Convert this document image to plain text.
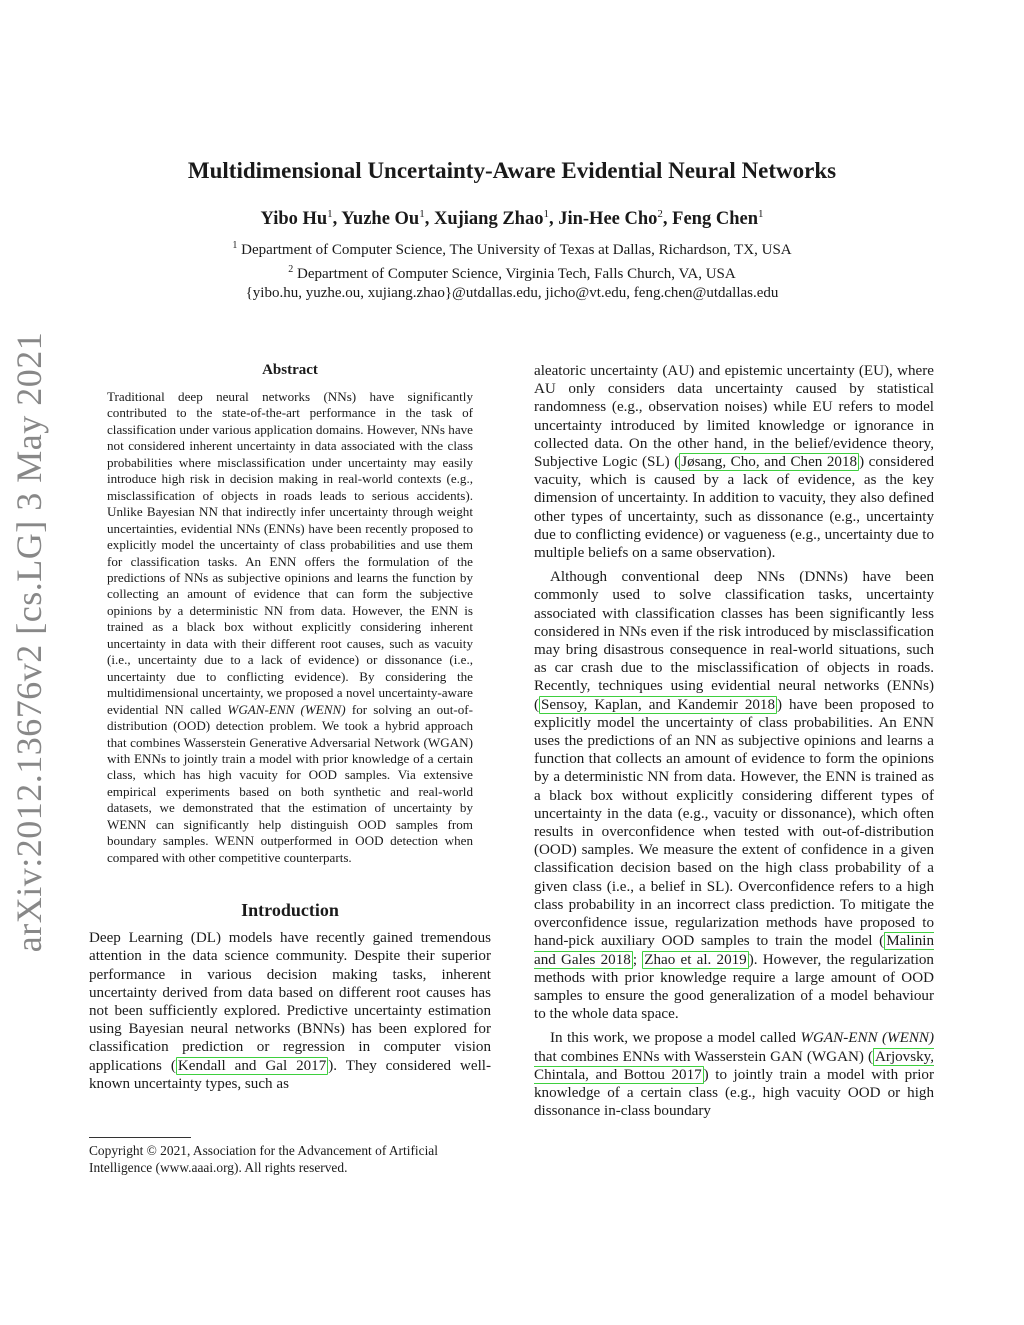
arXiv:2012.13676v2 [cs.LG] 3 May 2021
Multidimensional Uncertainty-Aware Evidential Neural Networks
Yibo Hu$^1$, Yuzhe Ou$^1$, Xujiang Zhao$^1$, Jin-Hee Cho$^2$, Feng Chen$^1$
$^1$ Department of Computer Science, The University of Texas at Dallas, Richardson, TX, USA
$^2$ Department of Computer Science, Virginia Tech, Falls Church, VA, USA
{yibo.hu, yuzhe.ou, xujiang.zhao}@utdallas.edu, jicho@vt.edu, feng.chen@utdallas.edu
Abstract
Traditional deep neural networks (NNs) have significantly contributed to the state-of-the-art performance in the task of classification under various application domains. However, NNs have not considered inherent uncertainty in data associated with the class probabilities where misclassification under uncertainty may easily introduce high risk in decision making in real-world contexts (e.g., misclassification of objects in roads leads to serious accidents). Unlike Bayesian NN that indirectly infer uncertainty through weight uncertainties, evidential NNs (ENNs) have been recently proposed to explicitly model the uncertainty of class probabilities and use them for classification tasks. An ENN offers the formulation of the predictions of NNs as subjective opinions and learns the function by collecting an amount of evidence that can form the subjective opinions by a deterministic NN from data. However, the ENN is trained as a black box without explicitly considering inherent uncertainty in data with their different root causes, such as vacuity (i.e., uncertainty due to a lack of evidence) or dissonance (i.e., uncertainty due to conflicting evidence). By considering the multidimensional uncertainty, we proposed a novel uncertainty-aware evidential NN called WGAN-ENN (WENN) for solving an out-of-distribution (OOD) detection problem. We took a hybrid approach that combines Wasserstein Generative Adversarial Network (WGAN) with ENNs to jointly train a model with prior knowledge of a certain class, which has high vacuity for OOD samples. Via extensive empirical experiments based on both synthetic and real-world datasets, we demonstrated that the estimation of uncertainty by WENN can significantly help distinguish OOD samples from boundary samples. WENN outperformed in OOD detection when compared with other competitive counterparts.
Introduction

Deep Learning (DL) models have recently gained tremendous attention in the data science community. Despite their superior performance in various decision making tasks, inherent uncertainty derived from data based on different root causes has not been sufficiently explored. Predictive uncertainty estimation using Bayesian neural networks (BNNs) has been explored for classification prediction or regression in computer vision applications ( Kendall and Gal 2017 ). They considered well-known uncertainty types, such as

aleatoric uncertainty (AU) and epistemic uncertainty (EU), where AU only considers data uncertainty caused by statistical randomness (e.g., observation noises) while EU refers to model uncertainty introduced by limited knowledge or ignorance in collected data. On the other hand, in the belief/evidence theory, Subjective Logic (SL) ( Jøsang, Cho, and Chen 2018 ) considered vacuity, which is caused by a lack of evidence, as the key dimension of uncertainty. In addition to vacuity, they also defined other types of uncertainty, such as dissonance (e.g., uncertainty due to conflicting evidence) or vagueness (e.g., uncertainty due to multiple beliefs on a same observation).

Although conventional deep NNs (DNNs) have been commonly used to solve classification tasks, uncertainty associated with classification classes has been significantly less considered in NNs even if the risk introduced by misclassification may bring disastrous consequence in real-world situations, such as car crash due to the misclassification of objects in roads. Recently, techniques using evidential neural networks (ENNs) ( Sensoy, Kaplan, and Kandemir 2018 ) have been proposed to explicitly model the uncertainty of class probabilities. An ENN uses the predictions of an NN as subjective opinions and learns a function that collects an amount of evidence to form the opinions by a deterministic NN from data. However, the ENN is trained as a black box without explicitly considering different types of uncertainty in the data (e.g., vacuity or dissonance), which often results in overconfidence when tested with out-of-distribution (OOD) samples. We measure the extent of confidence in a given classification decision based on the high class probability of a given class (i.e., a belief in SL). Overconfidence refers to a high class probability in an incorrect class prediction. To mitigate the overconfidence issue, regularization methods have proposed to hand-pick auxiliary OOD samples to train the model ( Malinin and Gales 2018 ; Zhao et al. 2019 ). However, the regularization methods with prior knowledge require a large amount of OOD samples to ensure the good generalization of a model behaviour to the whole data space.

In this work, we propose a model called WGAN-ENN (WENN) that combines ENNs with Wasserstein GAN (WGAN) ( Arjovsky, Chintala, and Bottou 2017 ) to jointly train a model with prior knowledge of a certain class (e.g., high vacuity OOD or high dissonance in-class boundary

Copyright © 2021, Association for the Advancement of Artificial Intelligence (www.aaai.org). All rights reserved.
